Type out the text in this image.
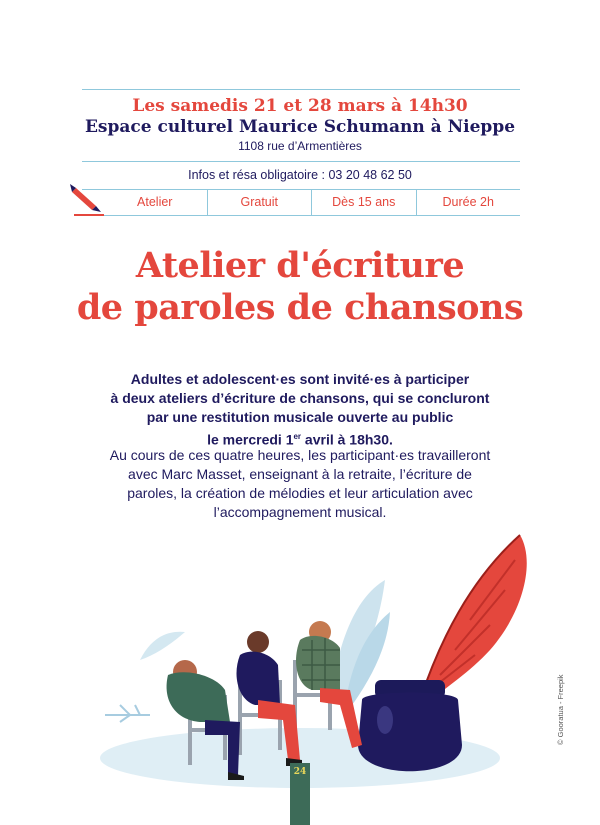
Les samedis 21 et 28 mars à 14h30
Espace culturel Maurice Schumann à Nieppe
1108 rue d’Armentières
Infos et résa obligatoire : 03 20 48 62 50
Atelier	Gratuit	Dès 15 ans	Durée 2h
Atelier d'écriture
de paroles de chansons
Adultes et adolescent·es sont invité·es à participer
à deux ateliers d’écriture de chansons, qui se concluront
par une restitution musicale ouverte au public
le mercredi 1er avril à 18h30.
Au cours de ces quatre heures, les participant·es travailleront
avec Marc Masset, enseignant à la retraite, l’écriture de
paroles, la création de mélodies et leur articulation avec
l’accompagnement musical.
© Gooratua - Freepik
24
